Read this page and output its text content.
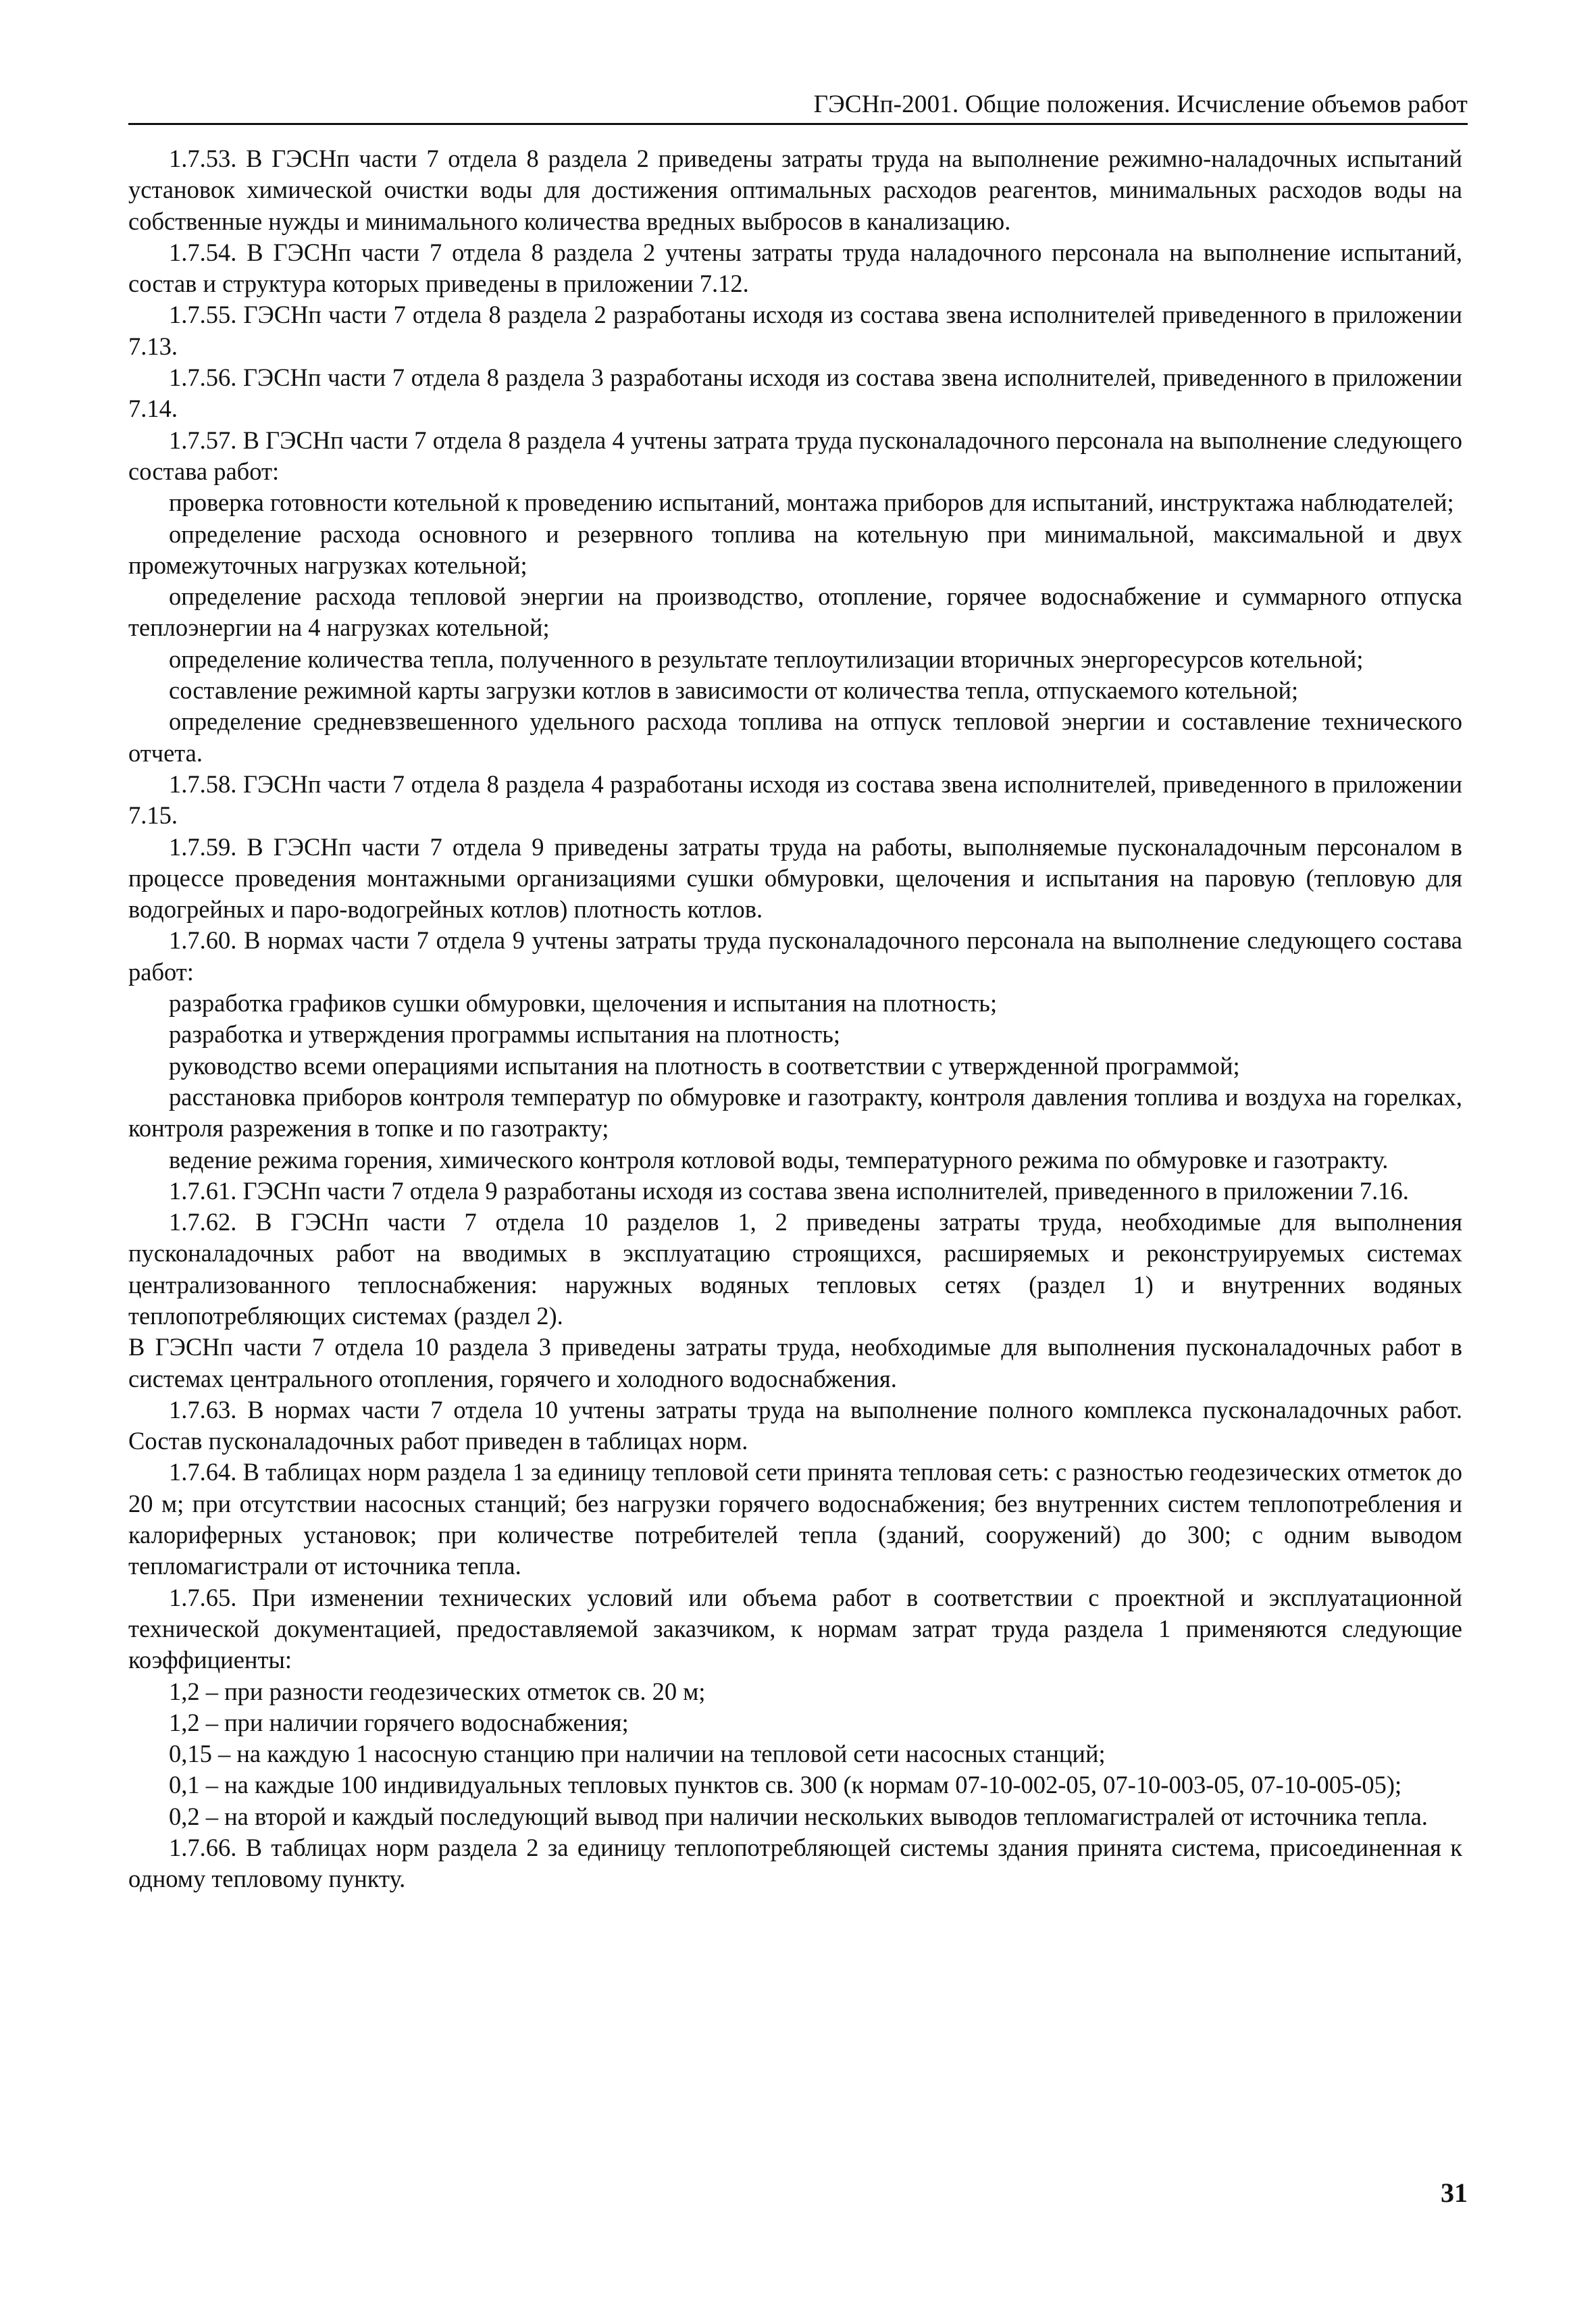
ГЭСНп-2001. Общие положения. Исчисление объемов работ

1.7.53. В ГЭСНп части 7 отдела 8 раздела 2 приведены затраты труда на выполнение режимно-наладочных испытаний установок химической очистки воды для достижения оптимальных расходов реагентов, минимальных расходов воды на собственные нужды и минимального количества вредных выбросов в канализацию.

1.7.54. В ГЭСНп части 7 отдела 8 раздела 2 учтены затраты труда наладочного персонала на выполнение испытаний, состав и структура которых приведены в приложении 7.12.

1.7.55. ГЭСНп части 7 отдела 8 раздела 2 разработаны исходя из состава звена исполнителей приведенного в приложении 7.13.

1.7.56. ГЭСНп части 7 отдела 8 раздела 3 разработаны исходя из состава звена исполнителей, приведенного в приложении 7.14.

1.7.57. В ГЭСНп части 7 отдела 8 раздела 4 учтены затрата труда пусконаладочного персонала на выполнение следующего состава работ:

проверка готовности котельной к проведению испытаний, монтажа приборов для испытаний, инструктажа наблюдателей;

определение расхода основного и резервного топлива на котельную при минимальной, максимальной и двух промежуточных нагрузках котельной;

определение расхода тепловой энергии на производство, отопление, горячее водоснабжение и суммарного отпуска теплоэнергии на 4 нагрузках котельной;

определение количества тепла, полученного в результате теплоутилизации вторичных энергоресурсов котельной;

составление режимной карты загрузки котлов в зависимости от количества тепла, отпускаемого котельной;

определение средневзвешенного удельного расхода топлива на отпуск тепловой энергии и составление технического отчета.

1.7.58. ГЭСНп части 7 отдела 8 раздела 4 разработаны исходя из состава звена исполнителей, приведенного в приложении 7.15.

1.7.59. В ГЭСНп части 7 отдела 9 приведены затраты труда на работы, выполняемые пусконаладочным персоналом в процессе проведения монтажными организациями сушки обмуровки, щелочения и испытания на паровую (тепловую для водогрейных и паро-водогрейных котлов) плотность котлов.

1.7.60. В нормах части 7 отдела 9 учтены затраты труда пусконаладочного персонала на выполнение следующего состава работ:

разработка графиков сушки обмуровки, щелочения и испытания на плотность;

разработка и утверждения программы испытания на плотность;

руководство всеми операциями испытания на плотность в соответствии с утвержденной программой;

расстановка приборов контроля температур по обмуровке и газотракту, контроля давления топлива и воздуха на горелках, контроля разрежения в топке и по газотракту;

ведение режима горения, химического контроля котловой воды, температурного режима по обмуровке и газотракту.

1.7.61. ГЭСНп части 7 отдела 9 разработаны исходя из состава звена исполнителей, приведенного в приложении 7.16.

1.7.62. В ГЭСНп части 7 отдела 10 разделов 1, 2 приведены затраты труда, необходимые для выполнения пусконаладочных работ на вводимых в эксплуатацию строящихся, расширяемых и реконструируемых системах централизованного теплоснабжения: наружных водяных тепловых сетях (раздел 1) и внутренних водяных теплопотребляющих системах (раздел 2).

В ГЭСНп части 7 отдела 10 раздела 3 приведены затраты труда, необходимые для выполнения пусконаладочных работ в системах центрального отопления, горячего и холодного водоснабжения.

1.7.63. В нормах части 7 отдела 10 учтены затраты труда на выполнение полного комплекса пусконаладочных работ. Состав пусконаладочных работ приведен в таблицах норм.

1.7.64. В таблицах норм раздела 1 за единицу тепловой сети принята тепловая сеть: с разностью геодезических отметок до 20 м; при отсутствии насосных станций; без нагрузки горячего водоснабжения; без внутренних систем теплопотребления и калориферных установок; при количестве потребителей тепла (зданий, сооружений) до 300; с одним выводом тепломагистрали от источника тепла.

1.7.65. При изменении технических условий или объема работ в соответствии с проектной и эксплуатационной технической документацией, предоставляемой заказчиком, к нормам затрат труда раздела 1 применяются следующие коэффициенты:

1,2 – при разности геодезических отметок св. 20 м;

1,2 – при наличии горячего водоснабжения;

0,15 – на каждую 1 насосную станцию при наличии на тепловой сети насосных станций;

0,1 – на каждые 100 индивидуальных тепловых пунктов св. 300 (к нормам 07-10-002-05, 07-10-003-05, 07-10-005-05);

0,2 – на второй и каждый последующий вывод при наличии нескольких выводов тепломагистралей от источника тепла.

1.7.66. В таблицах норм раздела 2 за единицу теплопотребляющей системы здания принята система, присоединенная к одному тепловому пункту.

31
